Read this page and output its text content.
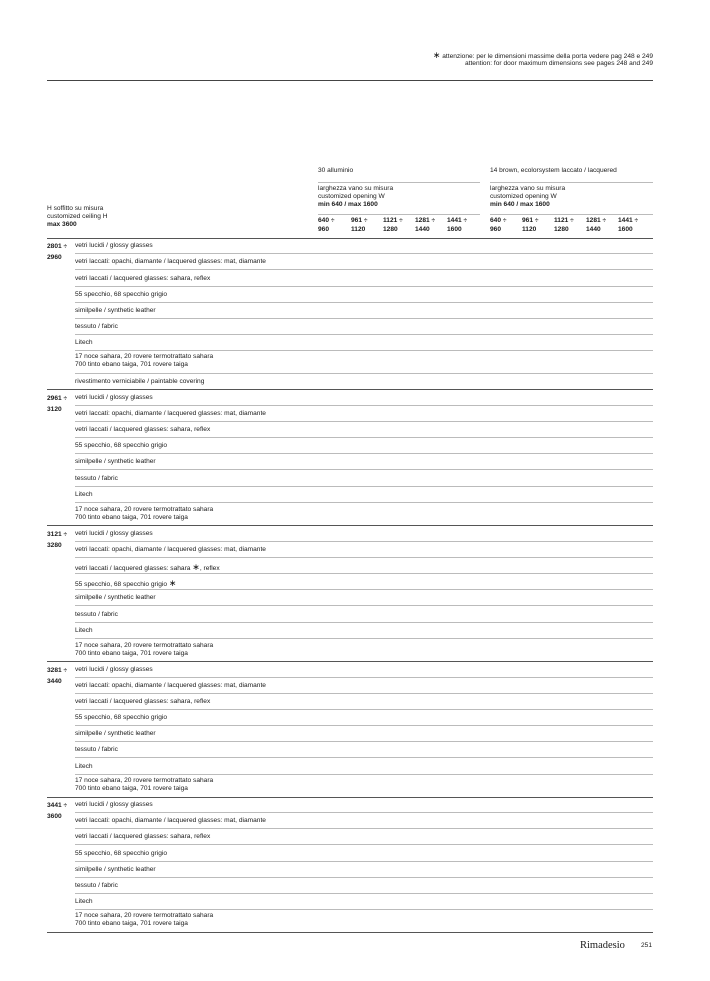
∗ attenzione: per le dimensioni massime della porta vedere pag 248 e 249
attention: for door maximum dimensions see pages 248 and 249
30 alluminio	14 brown, ecolorsystem laccato / lacquered
larghezza vano su misura
customized opening W
min 640 / max 1600
larghezza vano su misura
customized opening W
min 640 / max 1600
H soffitto su misura
customized ceiling H
max 3600
640 ÷
960
961 ÷
1120
1121 ÷
1280
1281 ÷
1440
1441 ÷
1600
640 ÷
960
961 ÷
1120
1121 ÷
1280
1281 ÷
1440
1441 ÷
1600
2801 ÷
2960
vetri lucidi / glossy glasses
vetri laccati: opachi, diamante / lacquered glasses: mat, diamante
vetri laccati / lacquered glasses: sahara, reflex
55 specchio, 68 specchio grigio
similpelle / synthetic leather
tessuto / fabric
Litech
17 noce sahara, 20 rovere termotrattato sahara
700 tinto ebano taiga, 701 rovere taiga
rivestimento verniciabile / paintable covering
2961 ÷
3120
vetri lucidi / glossy glasses
vetri laccati: opachi, diamante / lacquered glasses: mat, diamante
vetri laccati / lacquered glasses: sahara, reflex
55 specchio, 68 specchio grigio
similpelle / synthetic leather
tessuto / fabric
Litech
17 noce sahara, 20 rovere termotrattato sahara
700 tinto ebano taiga, 701 rovere taiga
3121 ÷
3280
vetri lucidi / glossy glasses
vetri laccati: opachi, diamante / lacquered glasses: mat, diamante
vetri laccati / lacquered glasses: sahara ∗, reflex
55 specchio, 68 specchio grigio ∗
similpelle / synthetic leather
tessuto / fabric
Litech
17 noce sahara, 20 rovere termotrattato sahara
700 tinto ebano taiga, 701 rovere taiga
3281 ÷
3440
vetri lucidi / glossy glasses
vetri laccati: opachi, diamante / lacquered glasses: mat, diamante
vetri laccati / lacquered glasses: sahara, reflex
55 specchio, 68 specchio grigio
similpelle / synthetic leather
tessuto / fabric
Litech
17 noce sahara, 20 rovere termotrattato sahara
700 tinto ebano taiga, 701 rovere taiga
3441 ÷
3600
vetri lucidi / glossy glasses
vetri laccati: opachi, diamante / lacquered glasses: mat, diamante
vetri laccati / lacquered glasses: sahara, reflex
55 specchio, 68 specchio grigio
similpelle / synthetic leather
tessuto / fabric
Litech
17 noce sahara, 20 rovere termotrattato sahara
700 tinto ebano taiga, 701 rovere taiga
Rimadesio 251
